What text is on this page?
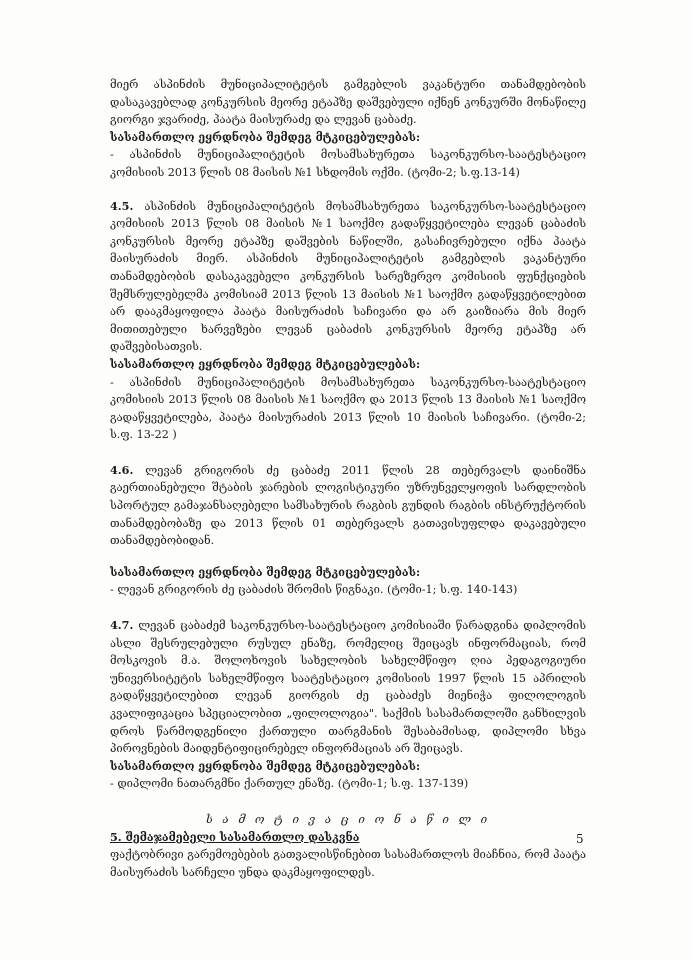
მიერ ასპინძის მუნიციპალიტეტის გამგებლის ვაკანტური თანამდებობის დასაკავებლად კონკურსის მეორე ეტაპზე დაშვებული იქნენ კონკურში მონაწილე გიორგი ჯვარიძე, პაატა მაისურაძე და ლევან ცაბაძე.

სასამართლო ეყრდნობა შემდეგ მტკიცებულებას:

- ასპინძის მუნიციპალიტეტის მოსამსახურეთა საკონკურსო-საატესტაციო კომისიის 2013 წლის 08 მაისის №1 სხდომის ოქმი. (ტომი-2; ს.ფ.13-14)

4.5. ასპინძის მუნიციპალიტეტის მოსამსახურეთა საკონკურსო-საატესტაციო კომისიის 2013 წლის 08 მაისის №1 საოქმო გადაწყვეტილება ლევან ცაბაძის კონკურსის მეორე ეტაპზე დაშვების ნაწილში, გასაჩივრებული იქნა პაატა მაისურაძის მიერ. ასპინძის მუნიციპალიტეტის გამგებლის ვაკანტური თანამდებობის დასაკავებელი კონკურსის სარეზერვო კომისიის ფუნქციების შემსრულებელმა კომისიამ 2013 წლის 13 მაისის №1 საოქმო გადაწყვეტილებით არ დააკმაყოფილა პაატა მაისურაძის საჩივარი და არ გაიზიარა მის მიერ მითითებული ხარვეზები ლევან ცაბაძის კონკურსის მეორე ეტაპზე არ დაშვებისათვის.

სასამართლო ეყრდნობა შემდეგ მტკიცებულებას:

- ასპინძის მუნიციპალიტეტის მოსამსახურეთა საკონკურსო-საატესტაციო კომისიის 2013 წლის 08 მაისის №1 საოქმო და 2013 წლის 13 მაისის №1 საოქმო გადაწყვეტილება, პაატა მაისურაძის 2013 წლის 10 მაისის საჩივარი. (ტომი-2; ს.ფ. 13-22 )

4.6. ლევან გრიგორის ძე ცაბაძე 2011 წლის 28 თებერვალს დაინიშნა გაერთიანებული შტაბის ჯარების ლოგისტიკური უზრუნველყოფის სარდლობის სპორტულ გამაჯანსაღებელი სამსახურის რაგბის გუნდის რაგბის ინსტრუქტორის თანამდებობაზე და 2013 წლის 01 თებერვალს გათავისუფლდა დაკავებული თანამდებობიდან.

სასამართლო ეყრდნობა შემდეგ მტკიცებულებას:

- ლევან გრიგორის ძე ცაბაძის შრომის წიგნაკი. (ტომი-1; ს.ფ. 140-143)

4.7. ლევან ცაბაძემ საკონკურსო-საატესტაციო კომისიაში წარადგინა დიპლომის ასლი შესრულებული რუსულ ენაზე, რომელიც შეიცავს ინფორმაციას, რომ მოსკოვის მ.ა. შოლოხოვის სახელობის სახელმწიფო ღია პედაგოგიური უნივერსიტეტის სახელმწიფო საატესტაციო კომისიის 1997 წლის 15 აპრილის გადაწყვეტილებით ლევან გიორგის ძე ცაბაძეს მიენიჭა ფილოლოგის კვალიფიკაცია სპეციალობით „ფილოლოგია". საქმის სასამართლოში განხილვის დროს წარმოდგენილი ქართული თარგმანის შესაბამისად, დიპლომი სხვა პიროვნების მაიდენტიფიცირებელ ინფორმაციას არ შეიცავს.

სასამართლო ეყრდნობა შემდეგ მტკიცებულებას:

- დიპლომი ნათარგმნი ქართულ ენაზე. (ტომი-1; ს.ფ. 137-139)

ს ა მ ო ტ ი ვ ა ც ი ო ნ ა წ ი ლ ი

5. შემაჯამებელი სასამართლო დასკვნა

ფაქტობრივი გარემოებების გათვალისწინებით სასამართლოს მიაჩნია, რომ პაატა მაისურაძის სარჩელი უნდა დაკმაყოფილდეს.

5
